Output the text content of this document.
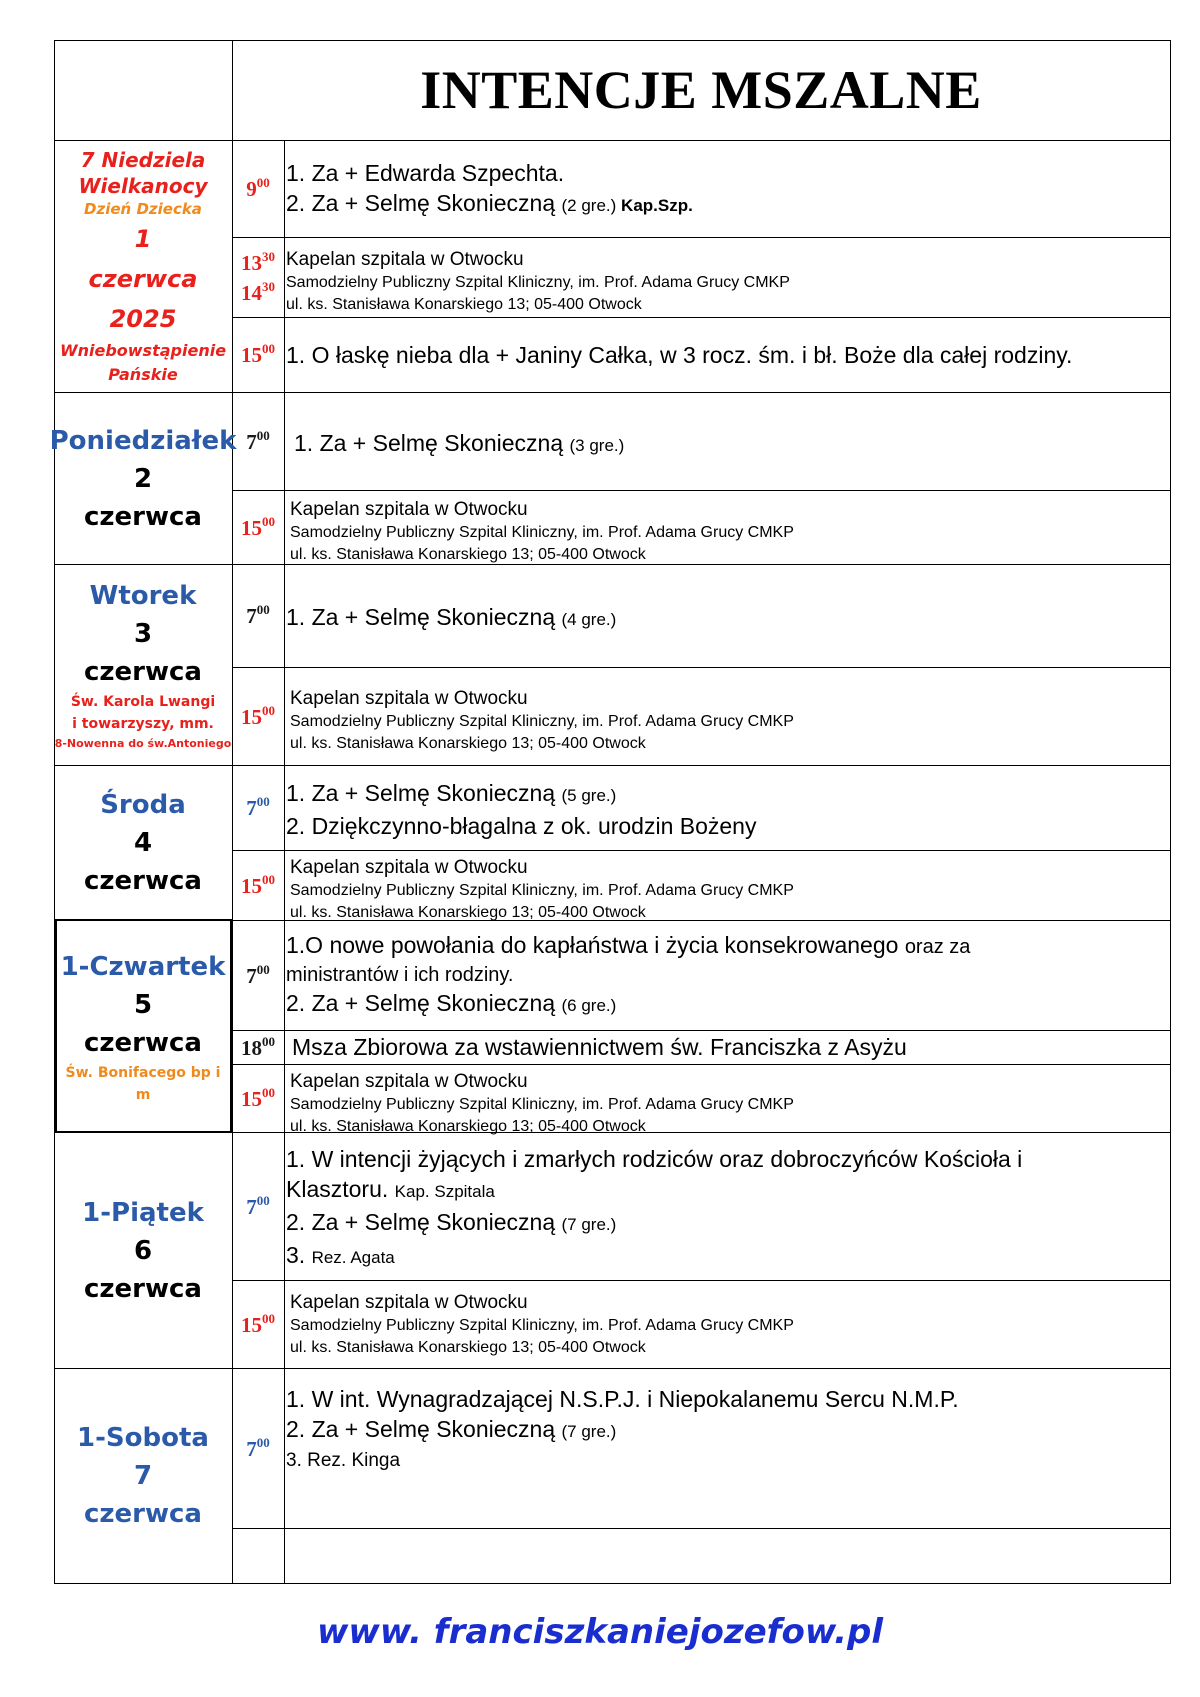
INTENCJE MSZALNE
7 Niedziela
Wielkanocy
Dzień Dziecka
1
czerwca
2025
Wniebowstąpienie
Pańskie
$9^{00}$ 1. Za + Edwarda Szpechta.
2. Za + Selmę Skonieczną (2 gre.) Kap.Szp.
$13^{30}$
$14^{30}$
Kapelan szpitala w Otwocku
Samodzielny Publiczny Szpital Kliniczny, im. Prof. Adama Grucy CMKP
ul. ks. Stanisława Konarskiego 13; 05-400 Otwock
$15^{00}$ 1. O łaskę nieba dla + Janiny Całka, w 3 rocz. śm. i bł. Boże dla całej rodziny.
Poniedziałek
2
czerwca
$7^{00}$ 1. Za + Selmę Skonieczną (3 gre.)
$15^{00}$
Kapelan szpitala w Otwocku
Samodzielny Publiczny Szpital Kliniczny, im. Prof. Adama Grucy CMKP
ul. ks. Stanisława Konarskiego 13; 05-400 Otwock
Wtorek
3
czerwca
Św. Karola Lwangi
i towarzyszy, mm.
8-Nowenna do św.Antoniego
$7^{00}$ 1. Za + Selmę Skonieczną (4 gre.)
$15^{00}$
Kapelan szpitala w Otwocku
Samodzielny Publiczny Szpital Kliniczny, im. Prof. Adama Grucy CMKP
ul. ks. Stanisława Konarskiego 13; 05-400 Otwock
Środa
4
czerwca
$7^{00}$ 1. Za + Selmę Skonieczną (5 gre.)
2. Dziękczynno-błagalna z ok. urodzin Bożeny
$15^{00}$
Kapelan szpitala w Otwocku
Samodzielny Publiczny Szpital Kliniczny, im. Prof. Adama Grucy CMKP
ul. ks. Stanisława Konarskiego 13; 05-400 Otwock
1-Czwartek
5
czerwca
Św. Bonifacego bp i
m
$7^{00}$
1.O nowe powołania do kapłaństwa i życia konsekrowanego oraz za
ministrantów i ich rodziny.
2. Za + Selmę Skonieczną (6 gre.)
$18^{00}$ Msza Zbiorowa za wstawiennictwem św. Franciszka z Asyżu
$15^{00}$ Kapelan szpitala w Otwocku
Samodzielny Publiczny Szpital Kliniczny, im. Prof. Adama Grucy CMKP
ul. ks. Stanisława Konarskiego 13; 05-400 Otwock
1-Piątek
6
czerwca
$7^{00}$
1. W intencji żyjących i zmarłych rodziców oraz dobroczyńców Kościoła i
Klasztoru. Kap. Szpitala
2. Za + Selmę Skonieczną (7 gre.)
3. Rez. Agata
$15^{00}$
Kapelan szpitala w Otwocku
Samodzielny Publiczny Szpital Kliniczny, im. Prof. Adama Grucy CMKP
ul. ks. Stanisława Konarskiego 13; 05-400 Otwock
1-Sobota
7
czerwca
$7^{00}$
1. W int. Wynagradzającej N.S.P.J. i Niepokalanemu Sercu N.M.P.
2. Za + Selmę Skonieczną (7 gre.)
3. Rez. Kinga
www. franciszkaniejozefow.pl
